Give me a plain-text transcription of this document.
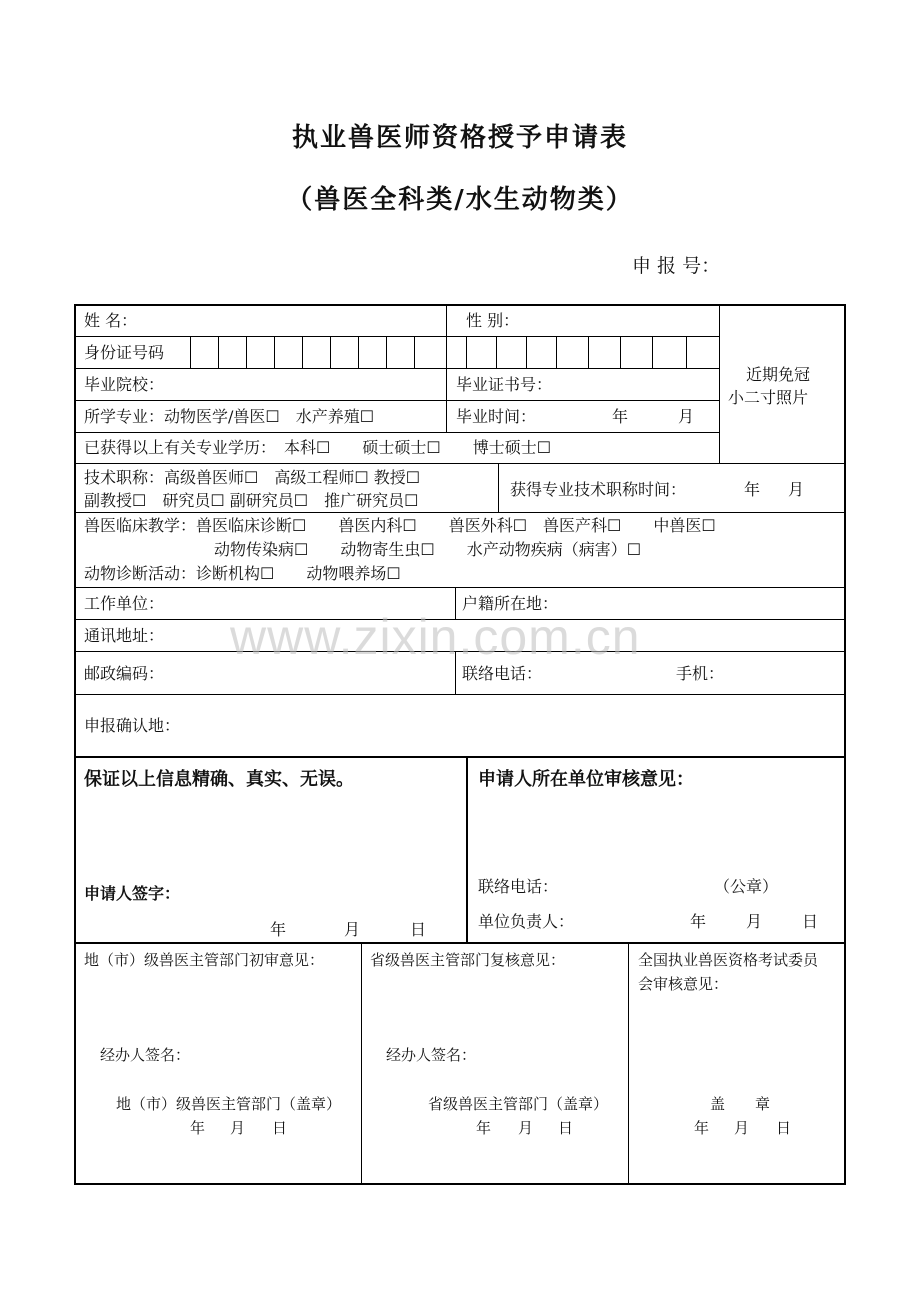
执业兽医师资格授予申请表
（兽医全科类/水生动物类）
申 报 号：
姓 名：	性 别：
近期免冠
小二寸照片
身份证号码
毕业院校：	毕业证书号：
所学专业：动物医学/兽医☐　水产养殖☐	毕业时间：	年	月
已获得以上有关专业学历：　本科☐　　硕士硕士☐　　博士硕士☐
技术职称：高级兽医师☐　高级工程师☐ 教授☐
副教授☐　研究员☐ 副研究员☐　推广研究员☐
获得专业技术职称时间：	年 月
兽医临床教学：兽医临床诊断☐　　兽医内科☐　　兽医外科☐　兽医产科☐　　中兽医☐
动物传染病☐　　动物寄生虫☐　　水产动物疾病（病害）☐
动物诊断活动：诊断机构☐　　动物喂养场☐
工作单位：	户籍所在地：
通讯地址：
邮政编码：	联络电话：	手机：
申报确认地：
保证以上信息精确、真实、无误。
申请人签字：
年	月	日
申请人所在单位审核意见：
联络电话：	（公章）
单位负责人：	年 月 日
地（市）级兽医主管部门初审意见：
经办人签名：
地（市）级兽医主管部门（盖章）
年 月 日
省级兽医主管部门复核意见：
经办人签名：
省级兽医主管部门（盖章）
年 月 日
全国执业兽医资格考试委员
会审核意见：
盖　　章
年 月 日
www.zixin.com.cn
